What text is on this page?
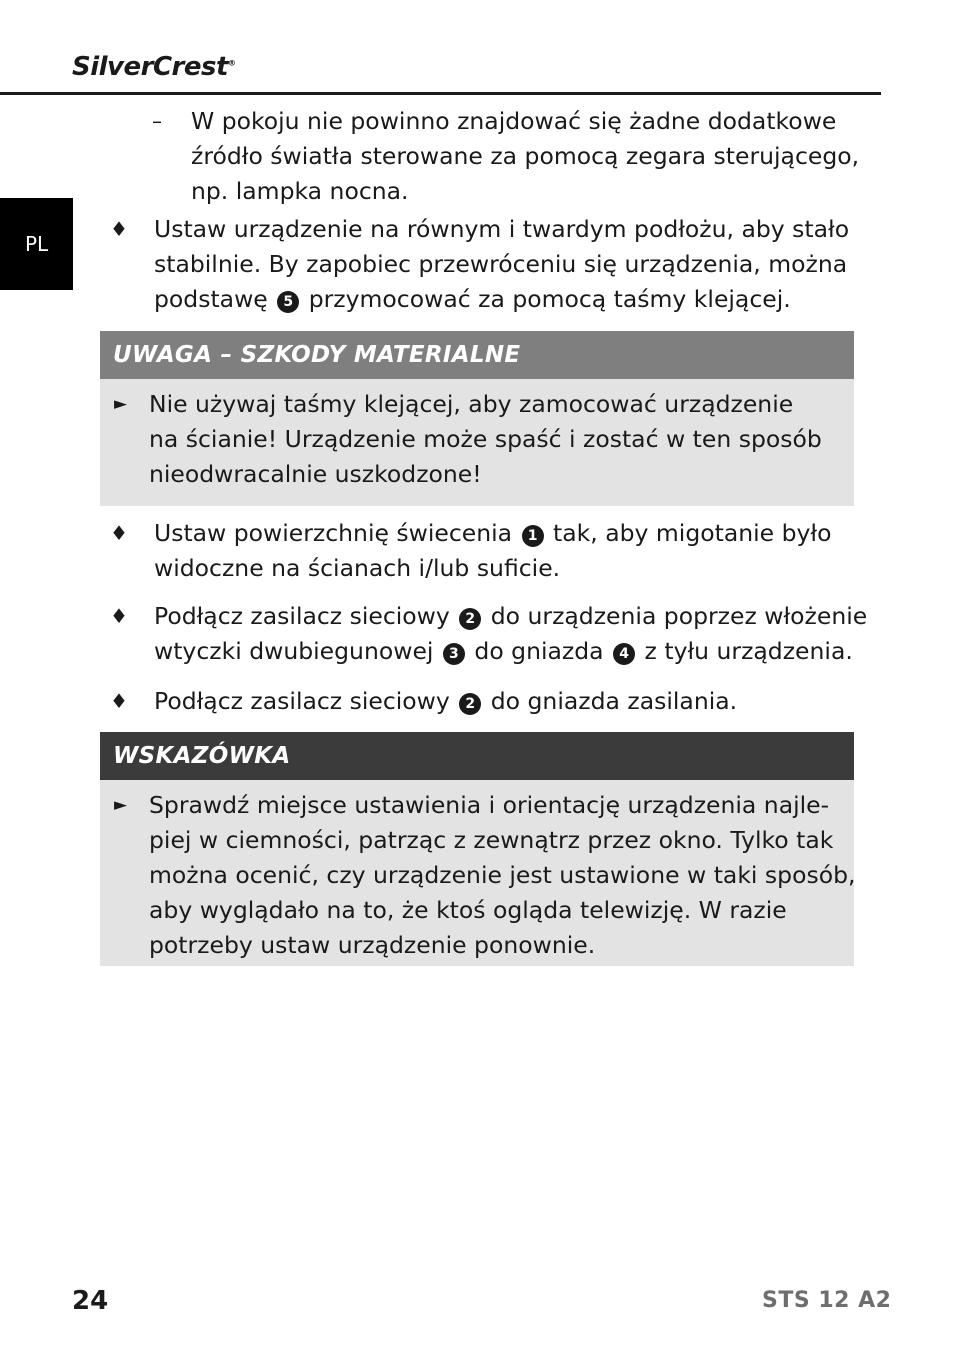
SilverCrest®
PL
– W pokoju nie powinno znajdować się żadne dodatkowe
źródło światła sterowane za pomocą zegara sterującego,
np. lampka nocna.
♦ Ustaw urządzenie na równym i twardym podłożu, aby stało
stabilnie. By zapobiec przewróceniu się urządzenia, można
podstawę 5 przymocować za pomocą taśmy klejącej.
UWAGA – SZKODY MATERIALNE
► Nie używaj taśmy klejącej, aby zamocować urządzenie
na ścianie! Urządzenie może spaść i zostać w ten sposób
nieodwracalnie uszkodzone!
♦ Ustaw powierzchnię świecenia 1 tak, aby migotanie było
widoczne na ścianach i/lub suficie.
♦ Podłącz zasilacz sieciowy 2 do urządzenia poprzez włożenie
wtyczki dwubiegunowej 3 do gniazda 4 z tyłu urządzenia.
♦ Podłącz zasilacz sieciowy 2 do gniazda zasilania.
WSKAZÓWKA
► Sprawdź miejsce ustawienia i orientację urządzenia najle-
piej w ciemności, patrząc z zewnątrz przez okno. Tylko tak
można ocenić, czy urządzenie jest ustawione w taki sposób,
aby wyglądało na to, że ktoś ogląda telewizję. W razie
potrzeby ustaw urządzenie ponownie.
24	STS 12 A2
